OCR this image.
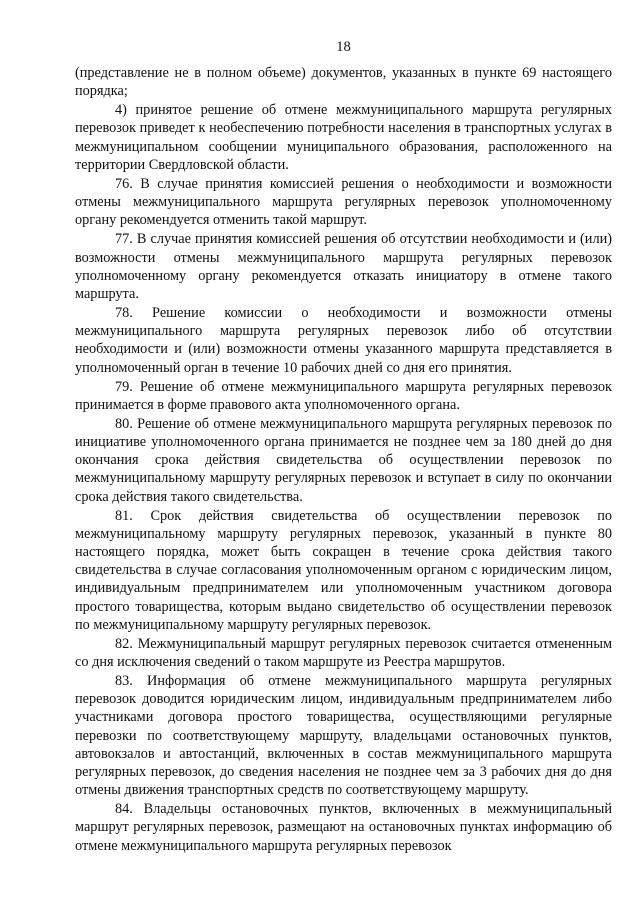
18

(представление не в полном объеме) документов, указанных в пункте 69 настоящего порядка;

4) принятое решение об отмене межмуниципального маршрута регулярных перевозок приведет к необеспечению потребности населения в транспортных услугах в межмуниципальном сообщении муниципального образования, расположенного на территории Свердловской области.

76. В случае принятия комиссией решения о необходимости и возможности отмены межмуниципального маршрута регулярных перевозок уполномоченному органу рекомендуется отменить такой маршрут.

77. В случае принятия комиссией решения об отсутствии необходимости и (или) возможности отмены межмуниципального маршрута регулярных перевозок уполномоченному органу рекомендуется отказать инициатору в отмене такого маршрута.

78. Решение комиссии о необходимости и возможности отмены межмуниципального маршрута регулярных перевозок либо об отсутствии необходимости и (или) возможности отмены указанного маршрута представляется в уполномоченный орган в течение 10 рабочих дней со дня его принятия.

79. Решение об отмене межмуниципального маршрута регулярных перевозок принимается в форме правового акта уполномоченного органа.

80. Решение об отмене межмуниципального маршрута регулярных перевозок по инициативе уполномоченного органа принимается не позднее чем за 180 дней до дня окончания срока действия свидетельства об осуществлении перевозок по межмуниципальному маршруту регулярных перевозок и вступает в силу по окончании срока действия такого свидетельства.

81. Срок действия свидетельства об осуществлении перевозок по межмуниципальному маршруту регулярных перевозок, указанный в пункте 80 настоящего порядка, может быть сокращен в течение срока действия такого свидетельства в случае согласования уполномоченным органом с юридическим лицом, индивидуальным предпринимателем или уполномоченным участником договора простого товарищества, которым выдано свидетельство об осуществлении перевозок по межмуниципальному маршруту регулярных перевозок.

82. Межмуниципальный маршрут регулярных перевозок считается отмененным со дня исключения сведений о таком маршруте из Реестра маршрутов.

83. Информация об отмене межмуниципального маршрута регулярных перевозок доводится юридическим лицом, индивидуальным предпринимателем либо участниками договора простого товарищества, осуществляющими регулярные перевозки по соответствующему маршруту, владельцами остановочных пунктов, автовокзалов и автостанций, включенных в состав межмуниципального маршрута регулярных перевозок, до сведения населения не позднее чем за 3 рабочих дня до дня отмены движения транспортных средств по соответствующему маршруту.

84. Владельцы остановочных пунктов, включенных в межмуниципальный маршрут регулярных перевозок, размещают на остановочных пунктах информацию об отмене межмуниципального маршрута регулярных перевозок
